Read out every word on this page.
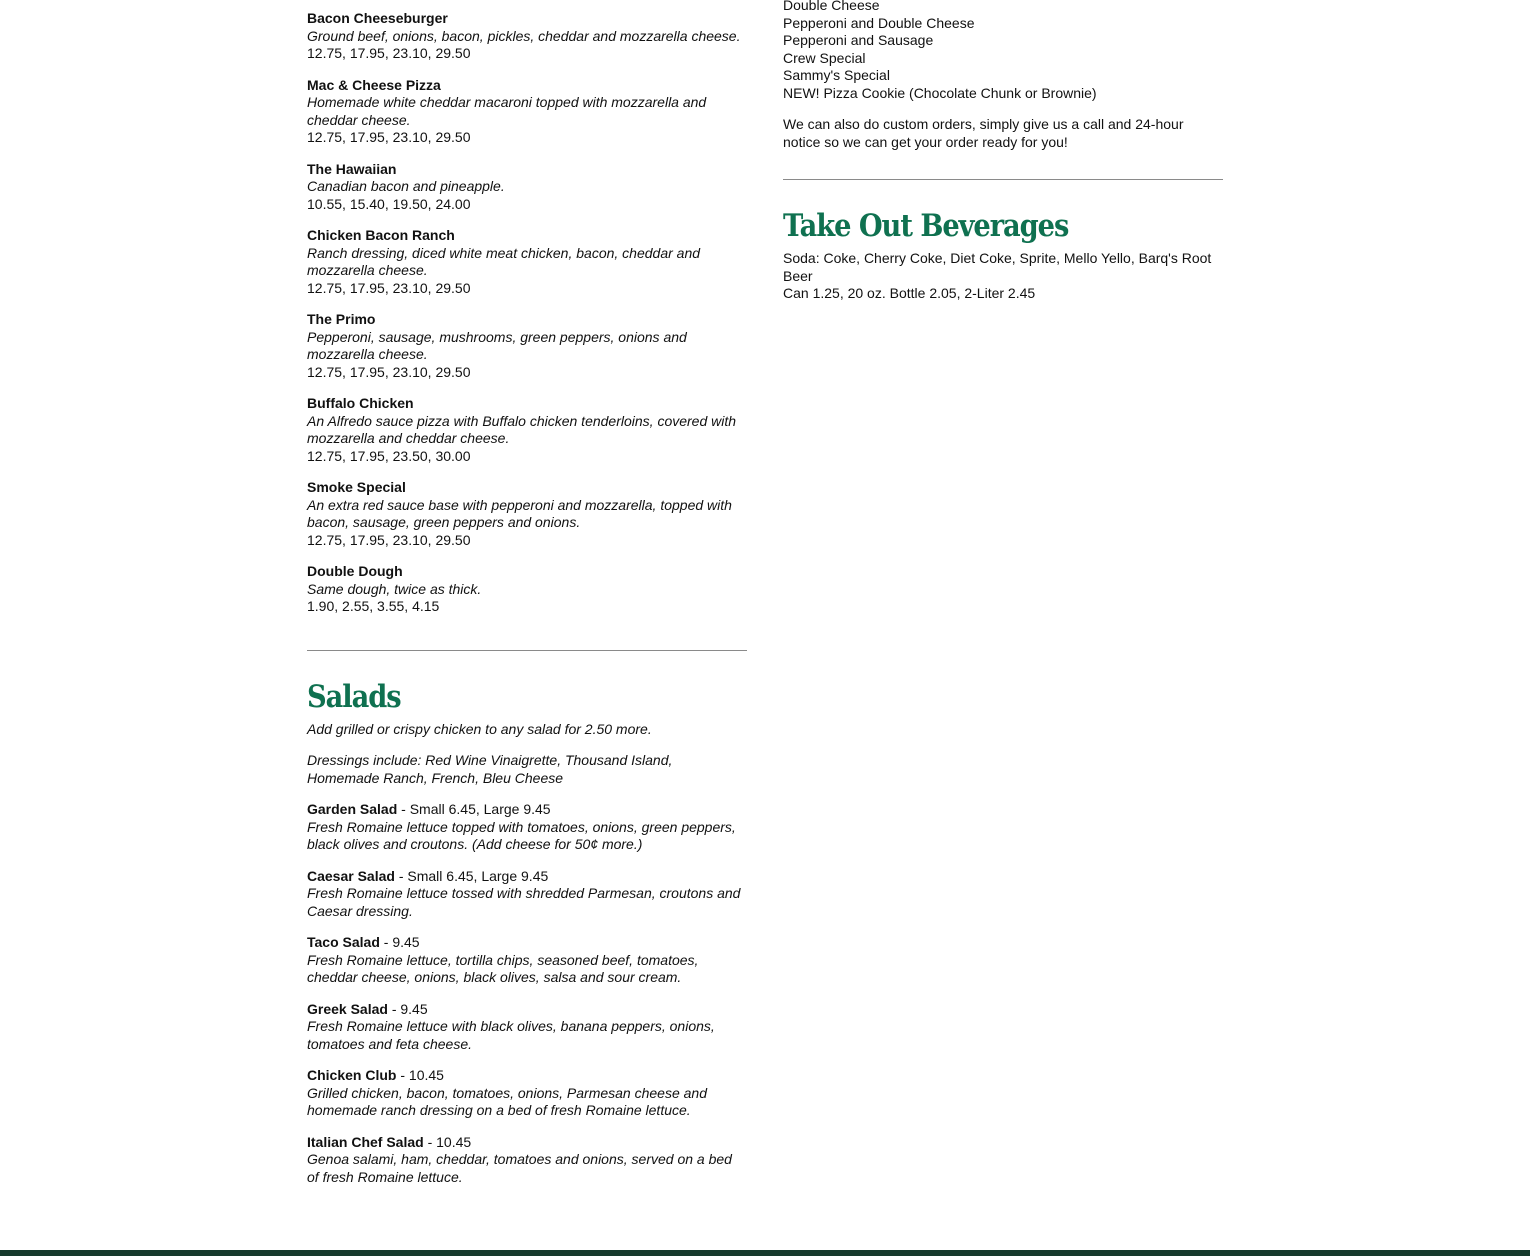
Bacon Cheeseburger
Ground beef, onions, bacon, pickles, cheddar and mozzarella cheese.
12.75, 17.95, 23.10, 29.50
Mac & Cheese Pizza
Homemade white cheddar macaroni topped with mozzarella and cheddar cheese.
12.75, 17.95, 23.10, 29.50
The Hawaiian
Canadian bacon and pineapple.
10.55, 15.40, 19.50, 24.00
Chicken Bacon Ranch
Ranch dressing, diced white meat chicken, bacon, cheddar and mozzarella cheese.
12.75, 17.95, 23.10, 29.50
The Primo
Pepperoni, sausage, mushrooms, green peppers, onions and mozzarella cheese.
12.75, 17.95, 23.10, 29.50
Buffalo Chicken
An Alfredo sauce pizza with Buffalo chicken tenderloins, covered with mozzarella and cheddar cheese.
12.75, 17.95, 23.50, 30.00
Smoke Special
An extra red sauce base with pepperoni and mozzarella, topped with bacon, sausage, green peppers and onions.
12.75, 17.95, 23.10, 29.50
Double Dough
Same dough, twice as thick.
1.90, 2.55, 3.55, 4.15
Salads
Add grilled or crispy chicken to any salad for 2.50 more.
Dressings include: Red Wine Vinaigrette, Thousand Island, Homemade Ranch, French, Bleu Cheese
Garden Salad - Small 6.45, Large 9.45
Fresh Romaine lettuce topped with tomatoes, onions, green peppers, black olives and croutons. (Add cheese for 50¢ more.)
Caesar Salad - Small 6.45, Large 9.45
Fresh Romaine lettuce tossed with shredded Parmesan, croutons and Caesar dressing.
Taco Salad - 9.45
Fresh Romaine lettuce, tortilla chips, seasoned beef, tomatoes, cheddar cheese, onions, black olives, salsa and sour cream.
Greek Salad - 9.45
Fresh Romaine lettuce with black olives, banana peppers, onions, tomatoes and feta cheese.
Chicken Club - 10.45
Grilled chicken, bacon, tomatoes, onions, Parmesan cheese and homemade ranch dressing on a bed of fresh Romaine lettuce.
Italian Chef Salad - 10.45
Genoa salami, ham, cheddar, tomatoes and onions, served on a bed of fresh Romaine lettuce.
Double Cheese
Pepperoni and Double Cheese
Pepperoni and Sausage
Crew Special
Sammy's Special
NEW! Pizza Cookie (Chocolate Chunk or Brownie)
We can also do custom orders, simply give us a call and 24-hour notice so we can get your order ready for you!
Take Out Beverages
Soda: Coke, Cherry Coke, Diet Coke, Sprite, Mello Yello, Barq's Root Beer
Can 1.25, 20 oz. Bottle 2.05, 2-Liter 2.45
